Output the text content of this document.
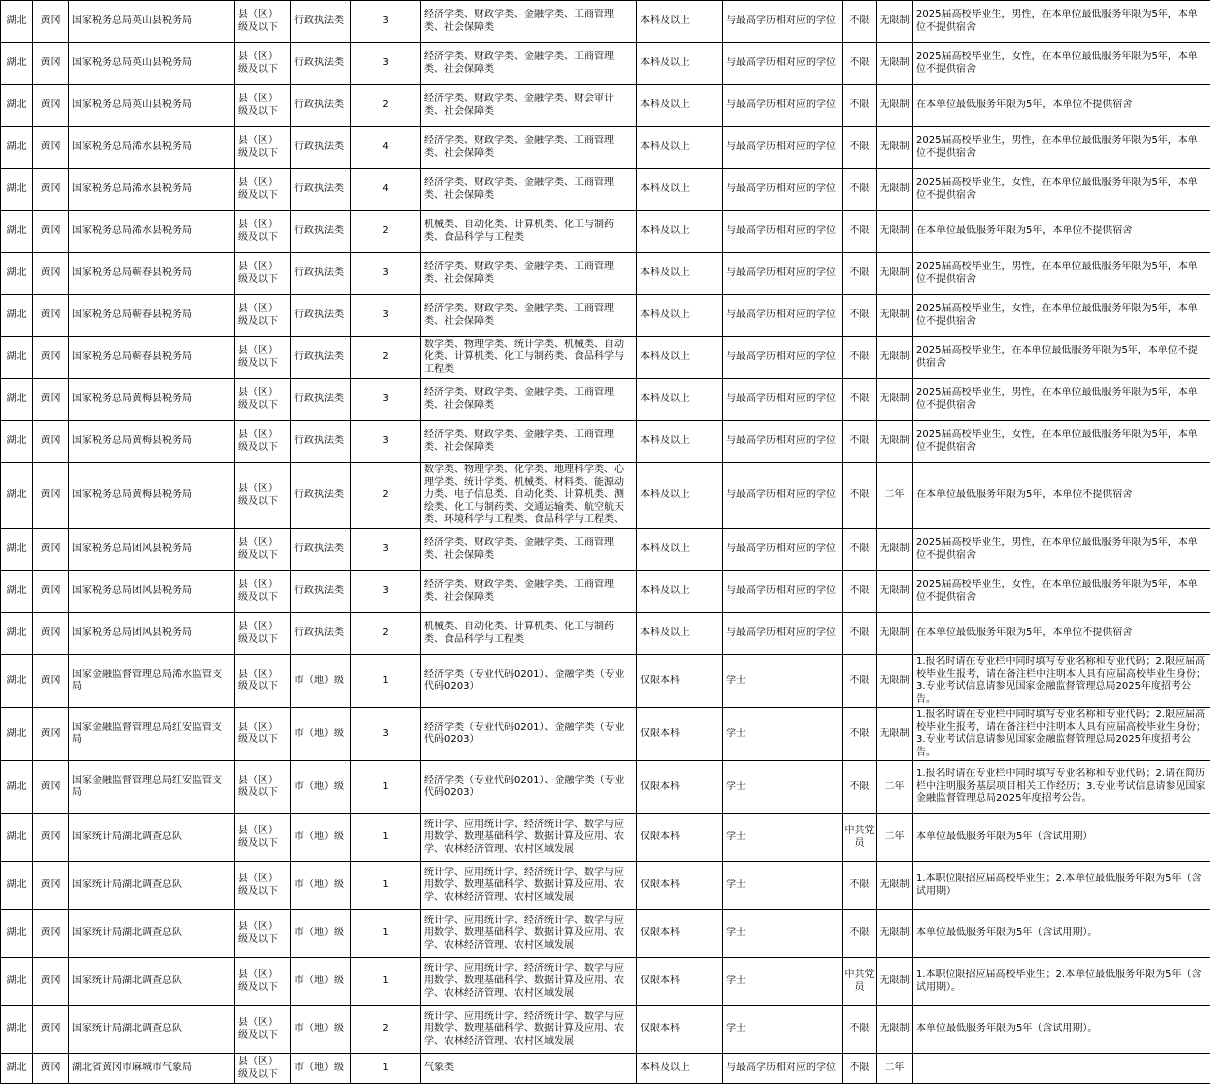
湖北	黄冈	国家税务总局英山县税务局	县（区）级及以下	行政执法类	3	经济学类、财政学类、金融学类、工商管理类、社会保障类	本科及以上	与最高学历相对应的学位	不限	无限制	2025届高校毕业生，男性，在本单位最低服务年限为5年，本单位不提供宿舍

湖北	黄冈	国家税务总局英山县税务局	县（区）级及以下	行政执法类	3	经济学类、财政学类、金融学类、工商管理类、社会保障类	本科及以上	与最高学历相对应的学位	不限	无限制	2025届高校毕业生，女性，在本单位最低服务年限为5年，本单位不提供宿舍

湖北	黄冈	国家税务总局英山县税务局	县（区）级及以下	行政执法类	2	经济学类、财政学类、金融学类、财会审计类、社会保障类	本科及以上	与最高学历相对应的学位	不限	无限制	在本单位最低服务年限为5年，本单位不提供宿舍

湖北	黄冈	国家税务总局浠水县税务局	县（区）级及以下	行政执法类	4	经济学类、财政学类、金融学类、工商管理类、社会保障类	本科及以上	与最高学历相对应的学位	不限	无限制	2025届高校毕业生，男性，在本单位最低服务年限为5年，本单位不提供宿舍

湖北	黄冈	国家税务总局浠水县税务局	县（区）级及以下	行政执法类	4	经济学类、财政学类、金融学类、工商管理类、社会保障类	本科及以上	与最高学历相对应的学位	不限	无限制	2025届高校毕业生，女性，在本单位最低服务年限为5年，本单位不提供宿舍

湖北	黄冈	国家税务总局浠水县税务局	县（区）级及以下	行政执法类	2	机械类、自动化类、计算机类、化工与制药类、食品科学与工程类	本科及以上	与最高学历相对应的学位	不限	无限制	在本单位最低服务年限为5年，本单位不提供宿舍

湖北	黄冈	国家税务总局蕲春县税务局	县（区）级及以下	行政执法类	3	经济学类、财政学类、金融学类、工商管理类、社会保障类	本科及以上	与最高学历相对应的学位	不限	无限制	2025届高校毕业生，男性，在本单位最低服务年限为5年，本单位不提供宿舍

湖北	黄冈	国家税务总局蕲春县税务局	县（区）级及以下	行政执法类	3	经济学类、财政学类、金融学类、工商管理类、社会保障类	本科及以上	与最高学历相对应的学位	不限	无限制	2025届高校毕业生，女性，在本单位最低服务年限为5年，本单位不提供宿舍

湖北	黄冈	国家税务总局蕲春县税务局	县（区）级及以下	行政执法类	2	数学类、物理学类、统计学类、机械类、自动化类、计算机类、化工与制药类、食品科学与工程类	本科及以上	与最高学历相对应的学位	不限	无限制	2025届高校毕业生，在本单位最低服务年限为5年，本单位不提供宿舍

湖北	黄冈	国家税务总局黄梅县税务局	县（区）级及以下	行政执法类	3	经济学类、财政学类、金融学类、工商管理类、社会保障类	本科及以上	与最高学历相对应的学位	不限	无限制	2025届高校毕业生，男性，在本单位最低服务年限为5年，本单位不提供宿舍

湖北	黄冈	国家税务总局黄梅县税务局	县（区）级及以下	行政执法类	3	经济学类、财政学类、金融学类、工商管理类、社会保障类	本科及以上	与最高学历相对应的学位	不限	无限制	2025届高校毕业生，女性，在本单位最低服务年限为5年，本单位不提供宿舍

湖北	黄冈	国家税务总局黄梅县税务局	县（区）级及以下	行政执法类	2	数学类、物理学类、化学类、地理科学类、心理学类、统计学类、机械类、材料类、能源动力类、电子信息类、自动化类、计算机类、测绘类、化工与制药类、交通运输类、航空航天类、环境科学与工程类、食品科学与工程类、	本科及以上	与最高学历相对应的学位	不限	二年	在本单位最低服务年限为5年，本单位不提供宿舍

湖北	黄冈	国家税务总局团风县税务局	县（区）级及以下	行政执法类	3	经济学类、财政学类、金融学类、工商管理类、社会保障类	本科及以上	与最高学历相对应的学位	不限	无限制	2025届高校毕业生，男性，在本单位最低服务年限为5年，本单位不提供宿舍

湖北	黄冈	国家税务总局团风县税务局	县（区）级及以下	行政执法类	3	经济学类、财政学类、金融学类、工商管理类、社会保障类	本科及以上	与最高学历相对应的学位	不限	无限制	2025届高校毕业生，女性，在本单位最低服务年限为5年，本单位不提供宿舍

湖北	黄冈	国家税务总局团风县税务局	县（区）级及以下	行政执法类	2	机械类、自动化类、计算机类、化工与制药类、食品科学与工程类	本科及以上	与最高学历相对应的学位	不限	无限制	在本单位最低服务年限为5年，本单位不提供宿舍

湖北	黄冈	国家金融监督管理总局浠水监管支局	县（区）级及以下	市（地）级	1	经济学类（专业代码0201）、金融学类（专业代码0203）	仅限本科	学士	不限	无限制	1.报名时请在专业栏中同时填写专业名称和专业代码；2.限应届高校毕业生报考，请在备注栏中注明本人具有应届高校毕业生身份；3.专业考试信息请参见国家金融监督管理总局2025年度招考公告。

湖北	黄冈	国家金融监督管理总局红安监管支局	县（区）级及以下	市（地）级	3	经济学类（专业代码0201）、金融学类（专业代码0203）	仅限本科	学士	不限	无限制	1.报名时请在专业栏中同时填写专业名称和专业代码；2.限应届高校毕业生报考，请在备注栏中注明本人具有应届高校毕业生身份；3.专业考试信息请参见国家金融监督管理总局2025年度招考公告。

湖北	黄冈	国家金融监督管理总局红安监管支局	县（区）级及以下	市（地）级	1	经济学类（专业代码0201）、金融学类（专业代码0203）	仅限本科	学士	不限	二年	1.报名时请在专业栏中同时填写专业名称和专业代码；2.请在简历栏中注明服务基层项目相关工作经历；3.专业考试信息请参见国家金融监督管理总局2025年度招考公告。

湖北	黄冈	国家统计局湖北调查总队	县（区）级及以下	市（地）级	1	统计学、应用统计学、经济统计学、数学与应用数学、数理基础科学、数据计算及应用、农学、农林经济管理、农村区域发展	仅限本科	学士	中共党员	二年	本单位最低服务年限为5年（含试用期）

湖北	黄冈	国家统计局湖北调查总队	县（区）级及以下	市（地）级	1	统计学、应用统计学、经济统计学、数学与应用数学、数理基础科学、数据计算及应用、农学、农林经济管理、农村区域发展	仅限本科	学士	不限	无限制	1.本职位限招应届高校毕业生；2.本单位最低服务年限为5年（含试用期）

湖北	黄冈	国家统计局湖北调查总队	县（区）级及以下	市（地）级	1	统计学、应用统计学、经济统计学、数学与应用数学、数理基础科学、数据计算及应用、农学、农林经济管理、农村区域发展	仅限本科	学士	不限	无限制	本单位最低服务年限为5年（含试用期）。

湖北	黄冈	国家统计局湖北调查总队	县（区）级及以下	市（地）级	1	统计学、应用统计学、经济统计学、数学与应用数学、数理基础科学、数据计算及应用、农学、农林经济管理、农村区域发展	仅限本科	学士	中共党员	无限制	1.本职位限招应届高校毕业生；2.本单位最低服务年限为5年（含试用期）。

湖北	黄冈	国家统计局湖北调查总队	县（区）级及以下	市（地）级	2	统计学、应用统计学、经济统计学、数学与应用数学、数理基础科学、数据计算及应用、农学、农林经济管理、农村区域发展	仅限本科	学士	不限	无限制	本单位最低服务年限为5年（含试用期）。

湖北	黄冈	湖北省黄冈市麻城市气象局	县（区）级及以下	市（地）级	1	气象类	本科及以上	与最高学历相对应的学位	不限	二年	
